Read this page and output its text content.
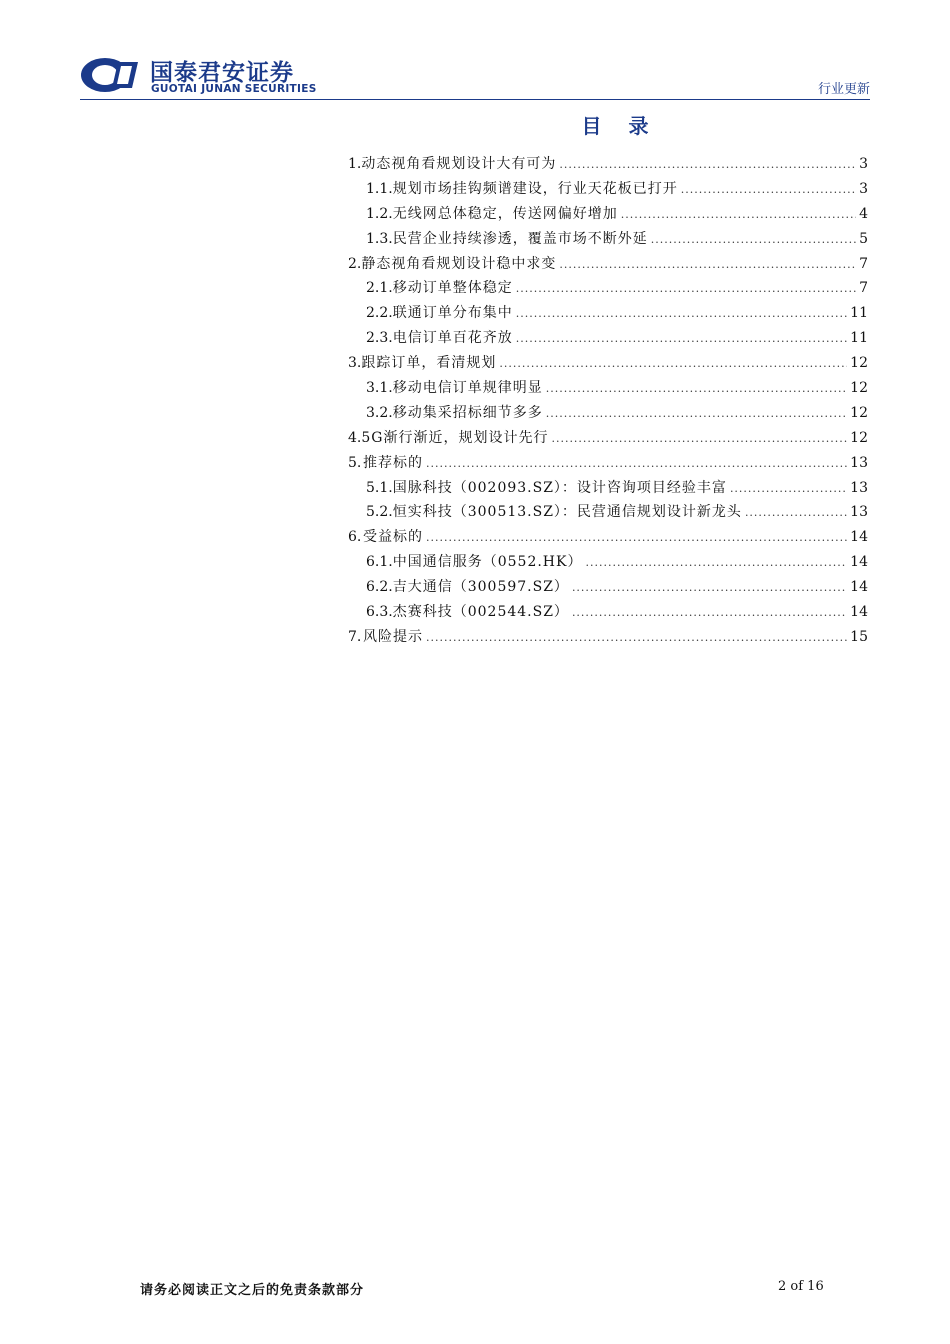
国泰君安证券
GUOTAI JUNAN SECURITIES	行业更新
目 录
1. 动态视角看规划设计大有可为 .....	3
1.1. 规划市场挂钩频谱建设，行业天花板已打开 .....	3
1.2. 无线网总体稳定，传送网偏好增加 .....	4
1.3. 民营企业持续渗透，覆盖市场不断外延 .....	5
2. 静态视角看规划设计稳中求变 .....	7
2.1. 移动订单整体稳定 .....	7
2.2. 联通订单分布集中 .....	11
2.3. 电信订单百花齐放 .....	11
3. 跟踪订单，看清规划 .....	12
3.1. 移动电信订单规律明显 .....	12
3.2. 移动集采招标细节多多 .....	12
4. 5G渐行渐近，规划设计先行 .....	12
5. 推荐标的 .....	13
5.1. 国脉科技（002093.SZ）：设计咨询项目经验丰富 .....	13
5.2. 恒实科技（300513.SZ）：民营通信规划设计新龙头 .....	13
6. 受益标的 .....	14
6.1. 中国通信服务（0552.HK） .....	14
6.2. 吉大通信（300597.SZ） .....	14
6.3. 杰赛科技（002544.SZ） .....	14
7. 风险提示 .....	15
请务必阅读正文之后的免责条款部分	2 of 16
